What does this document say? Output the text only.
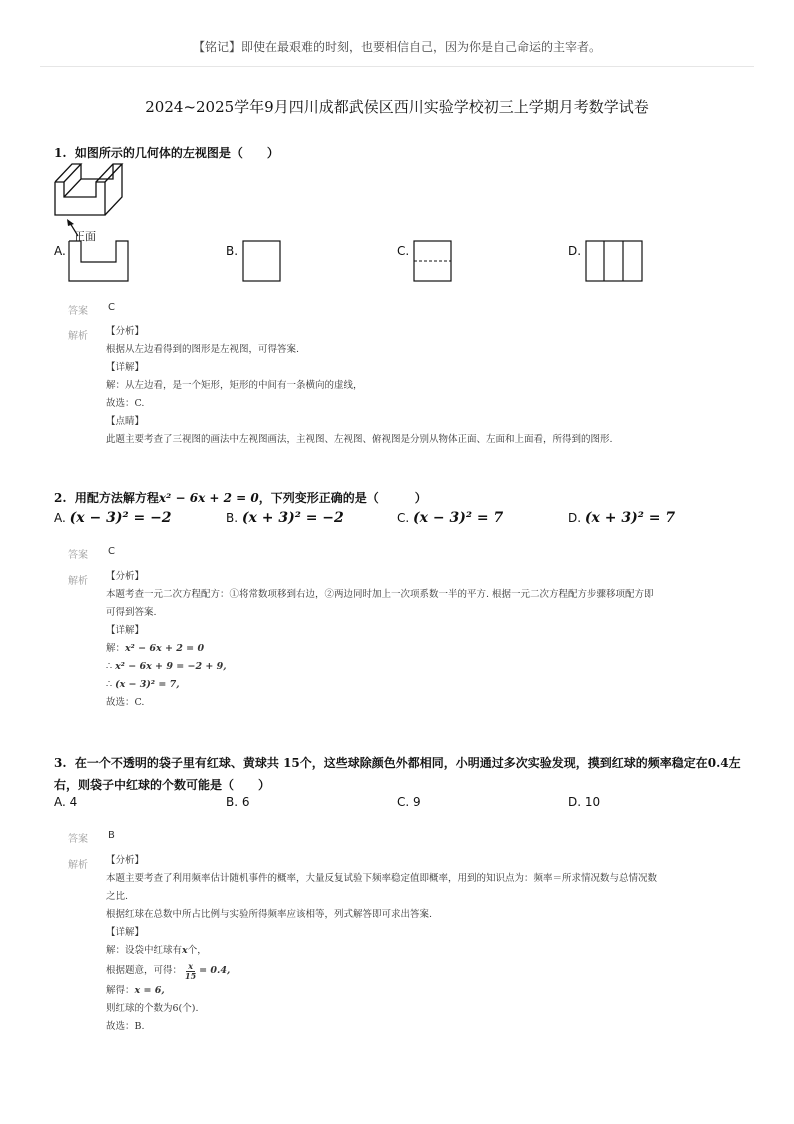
【铭记】即使在最艰难的时刻，也要相信自己，因为你是自己命运的主宰者。
2024~2025学年9月四川成都武侯区西川实验学校初三上学期月考数学试卷
1. 如图所示的几何体的左视图是（　　）
正面
A.	B.	C.	D.
答案 C
解析 【分析】
根据从左边看得到的图形是左视图，可得答案.
【详解】
解：从左边看，是一个矩形，矩形的中间有一条横向的虚线，
故选：C.
【点睛】
此题主要考查了三视图的画法中左视图画法，主视图、左视图、俯视图是分别从物体正面、左面和上面看，所得到的图形.
2. 用配方法解方程x² − 6x + 2 = 0，下列变形正确的是（　　　）
A. (x − 3)² = −2	B. (x + 3)² = −2	C. (x − 3)² = 7	D. (x + 3)² = 7
答案 C
解析 【分析】
本题考查一元二次方程配方：①将常数项移到右边，②两边同时加上一次项系数一半的平方. 根据一元二次方程配方步骤移项配方即
可得到答案.
【详解】
解：x² − 6x + 2 = 0
∴ x² − 6x + 9 = −2 + 9,
∴ (x − 3)² = 7,
故选：C.
3. 在一个不透明的袋子里有红球、黄球共 15个，这些球除颜色外都相同，小明通过多次实验发现，摸到红球的频率稳定在0.4左
右，则袋子中红球的个数可能是（　　）
A. 4	B. 6	C. 9	D. 10
答案 B
解析 【分析】
本题主要考查了利用频率估计随机事件的概率，大量反复试验下频率稳定值即概率，用到的知识点为：频率＝所求情况数与总情况数
之比.
根据红球在总数中所占比例与实验所得频率应该相等，列式解答即可求出答案.
【详解】
解：设袋中红球有x个，
根据题意，可得： $\frac{x}{15} = 0.4$,
解得：x = 6,
则红球的个数为6(个).
故选：B.
